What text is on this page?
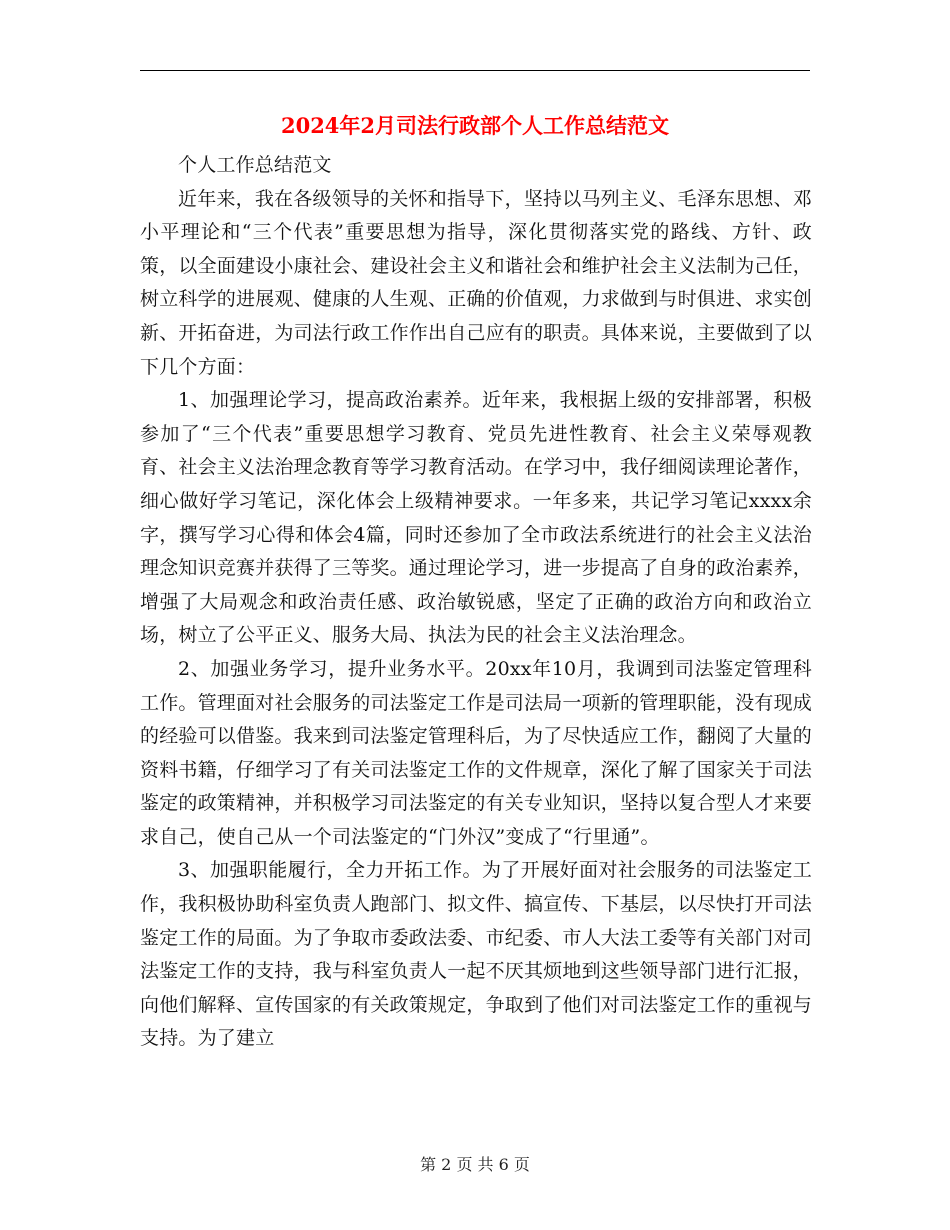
2024年2月司法行政部个人工作总结范文

个人工作总结范文

近年来，我在各级领导的关怀和指导下，坚持以马列主义、毛泽东思想、邓小平理论和“三个代表”重要思想为指导，深化贯彻落实党的路线、方针、政策，以全面建设小康社会、建设社会主义和谐社会和维护社会主义法制为己任，树立科学的进展观、健康的人生观、正确的价值观，力求做到与时俱进、求实创新、开拓奋进，为司法行政工作作出自己应有的职责。具体来说，主要做到了以下几个方面：

1、加强理论学习，提高政治素养。近年来，我根据上级的安排部署，积极参加了“三个代表”重要思想学习教育、党员先进性教育、社会主义荣辱观教育、社会主义法治理念教育等学习教育活动。在学习中，我仔细阅读理论著作，细心做好学习笔记，深化体会上级精神要求。一年多来，共记学习笔记xxxx余字，撰写学习心得和体会4篇，同时还参加了全市政法系统进行的社会主义法治理念知识竞赛并获得了三等奖。通过理论学习，进一步提高了自身的政治素养，增强了大局观念和政治责任感、政治敏锐感，坚定了正确的政治方向和政治立场，树立了公平正义、服务大局、执法为民的社会主义法治理念。

2、加强业务学习，提升业务水平。20xx年10月，我调到司法鉴定管理科工作。管理面对社会服务的司法鉴定工作是司法局一项新的管理职能，没有现成的经验可以借鉴。我来到司法鉴定管理科后，为了尽快适应工作，翻阅了大量的资料书籍，仔细学习了有关司法鉴定工作的文件规章，深化了解了国家关于司法鉴定的政策精神，并积极学习司法鉴定的有关专业知识，坚持以复合型人才来要求自己，使自己从一个司法鉴定的“门外汉”变成了“行里通”。

3、加强职能履行，全力开拓工作。为了开展好面对社会服务的司法鉴定工作，我积极协助科室负责人跑部门、拟文件、搞宣传、下基层，以尽快打开司法鉴定工作的局面。为了争取市委政法委、市纪委、市人大法工委等有关部门对司法鉴定工作的支持，我与科室负责人一起不厌其烦地到这些领导部门进行汇报，向他们解释、宣传国家的有关政策规定，争取到了他们对司法鉴定工作的重视与支持。为了建立

第 2 页 共 6 页
